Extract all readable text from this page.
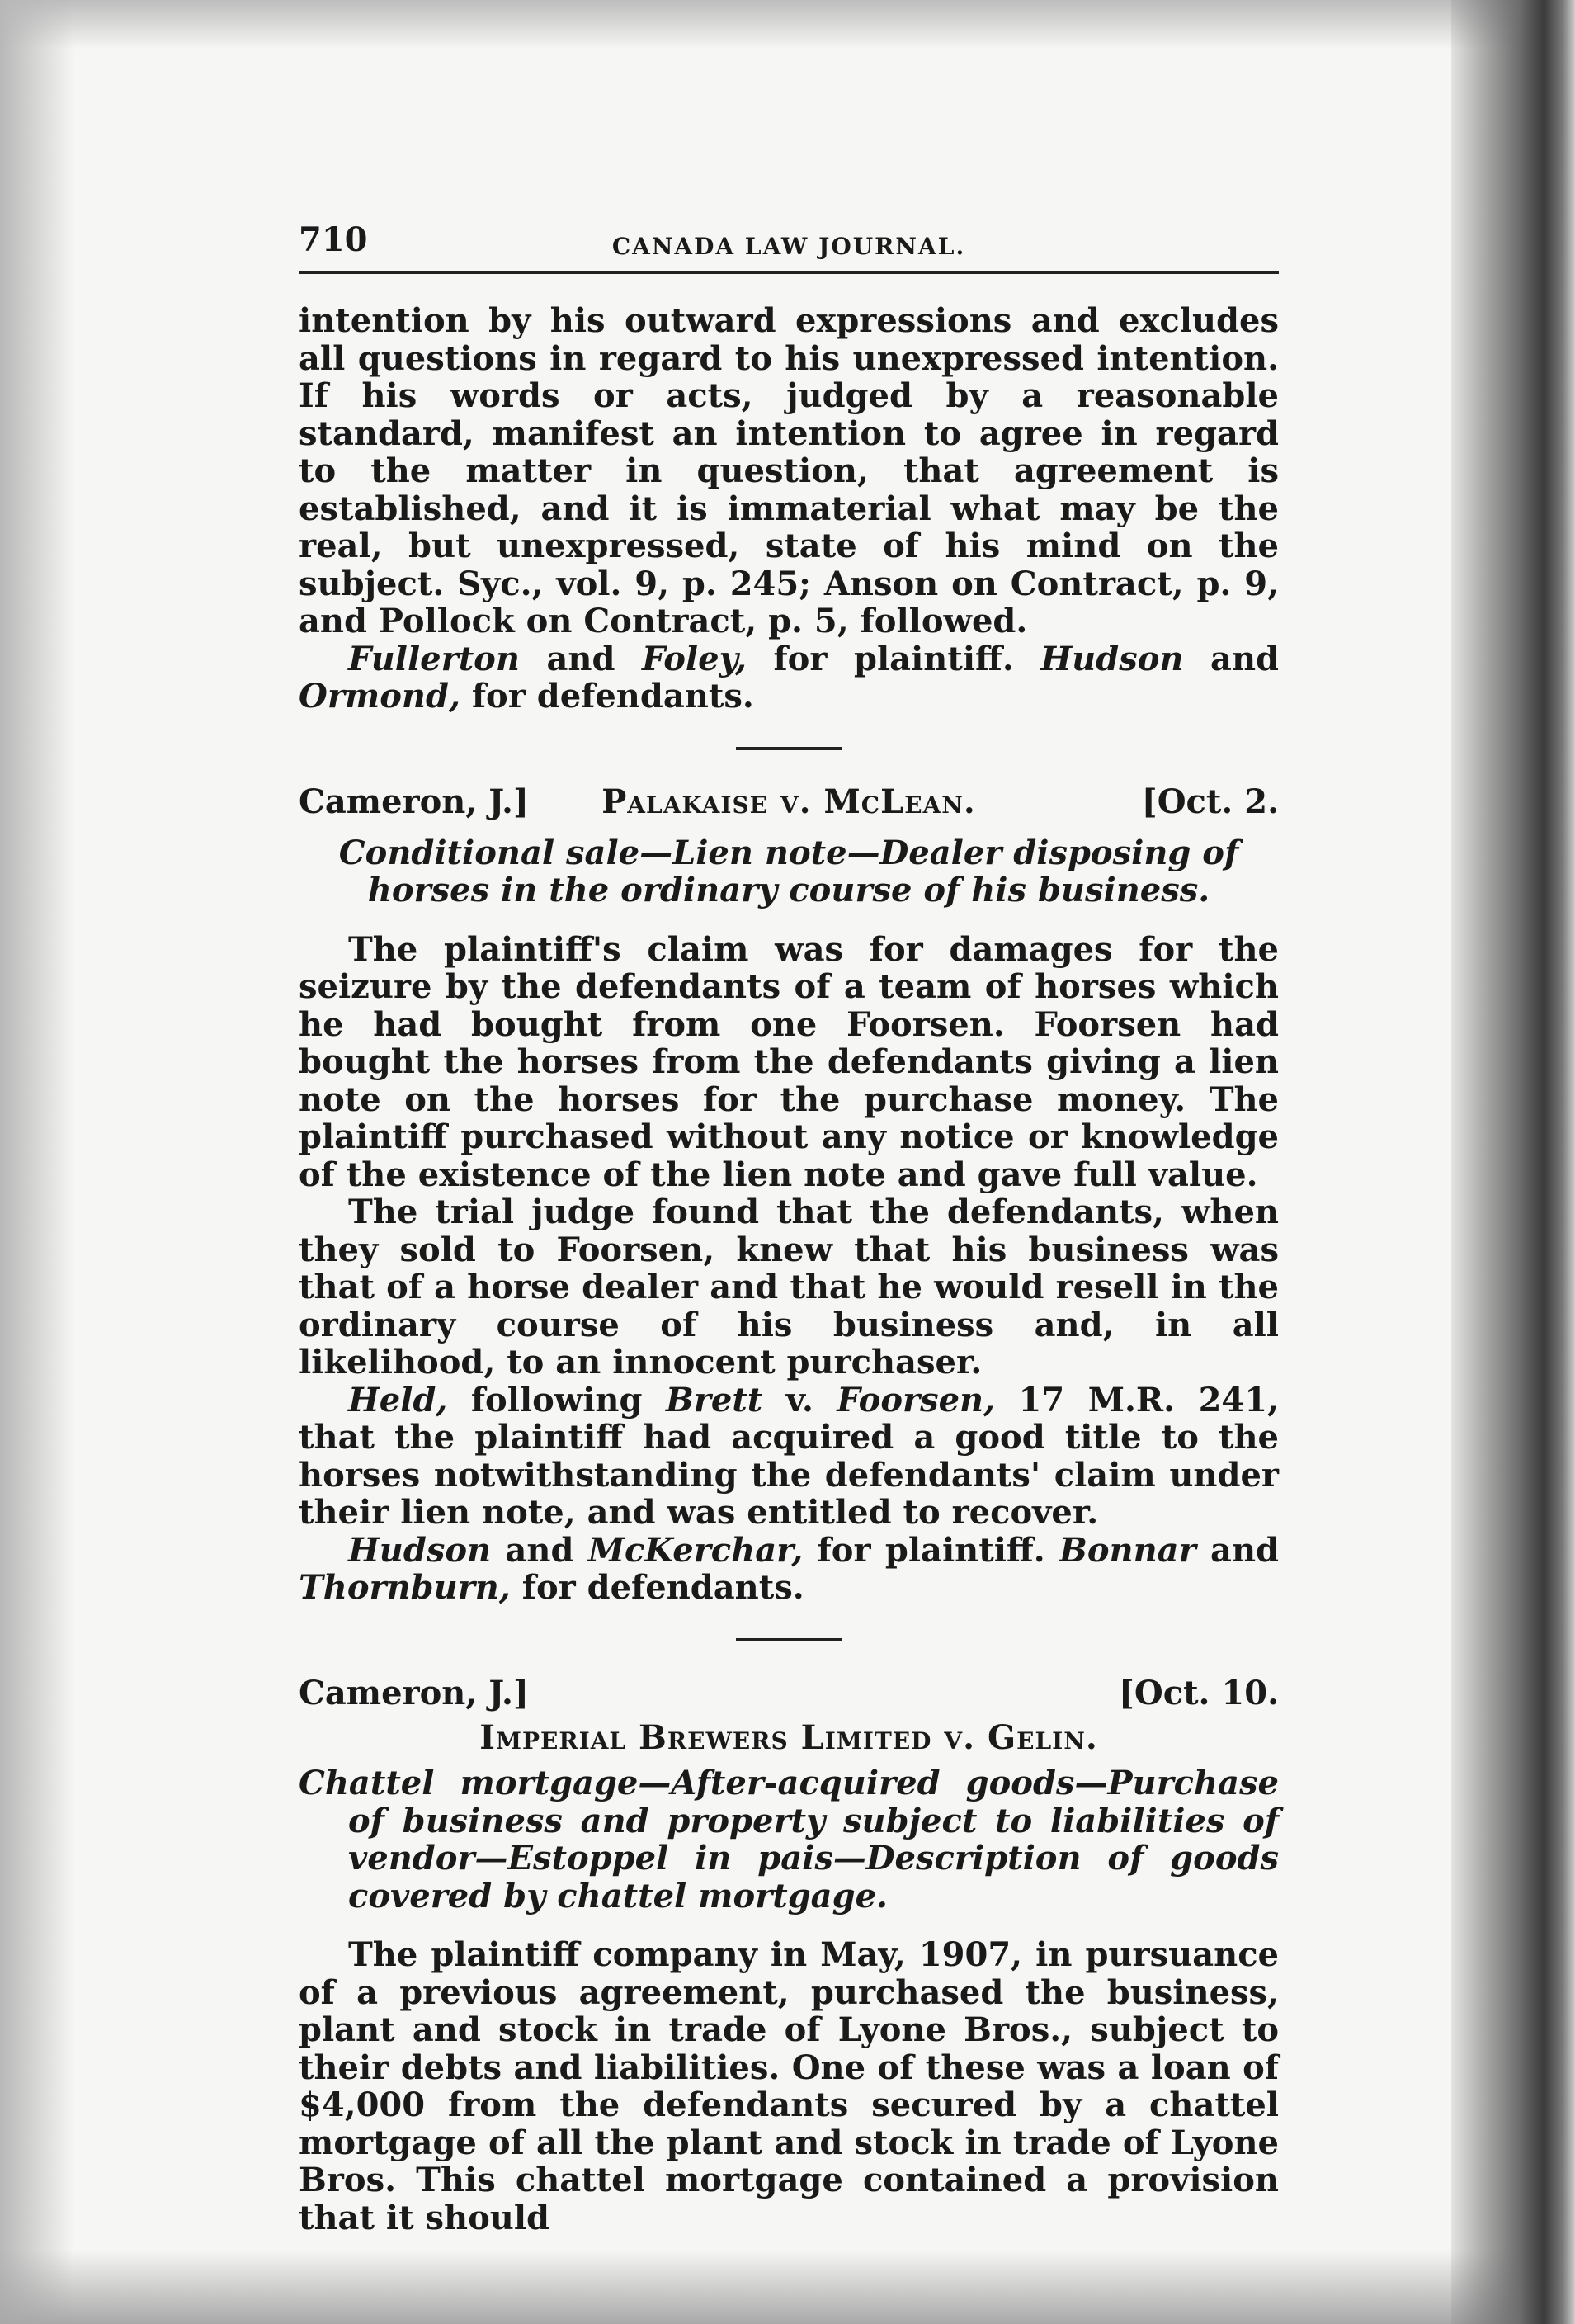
710	CANADA LAW JOURNAL.

intention by his outward expressions and excludes all questions in regard to his unexpressed intention. If his words or acts, judged by a reasonable standard, manifest an intention to agree in regard to the matter in question, that agreement is established, and it is immaterial what may be the real, but unexpressed, state of his mind on the subject. Syc., vol. 9, p. 245; Anson on Contract, p. 9, and Pollock on Contract, p. 5, followed.

Fullerton and Foley, for plaintiff. Hudson and Ormond, for defendants.

Cameron, J.]	Palakaise v. McLean.	[Oct. 2.

Conditional sale—Lien note—Dealer disposing of horses in the ordinary course of his business.

The plaintiff's claim was for damages for the seizure by the defendants of a team of horses which he had bought from one Foorsen. Foorsen had bought the horses from the defendants giving a lien note on the horses for the purchase money. The plaintiff purchased without any notice or knowledge of the existence of the lien note and gave full value.

The trial judge found that the defendants, when they sold to Foorsen, knew that his business was that of a horse dealer and that he would resell in the ordinary course of his business and, in all likelihood, to an innocent purchaser.

Held, following Brett v. Foorsen, 17 M.R. 241, that the plaintiff had acquired a good title to the horses notwithstanding the defendants' claim under their lien note, and was entitled to recover.

Hudson and McKerchar, for plaintiff. Bonnar and Thornburn, for defendants.

Cameron, J.]	[Oct. 10.
Imperial Brewers Limited v. Gelin.

Chattel mortgage—After-acquired goods—Purchase of business and property subject to liabilities of vendor—Estoppel in pais—Description of goods covered by chattel mortgage.

The plaintiff company in May, 1907, in pursuance of a previous agreement, purchased the business, plant and stock in trade of Lyone Bros., subject to their debts and liabilities. One of these was a loan of $4,000 from the defendants secured by a chattel mortgage of all the plant and stock in trade of Lyone Bros. This chattel mortgage contained a provision that it should
